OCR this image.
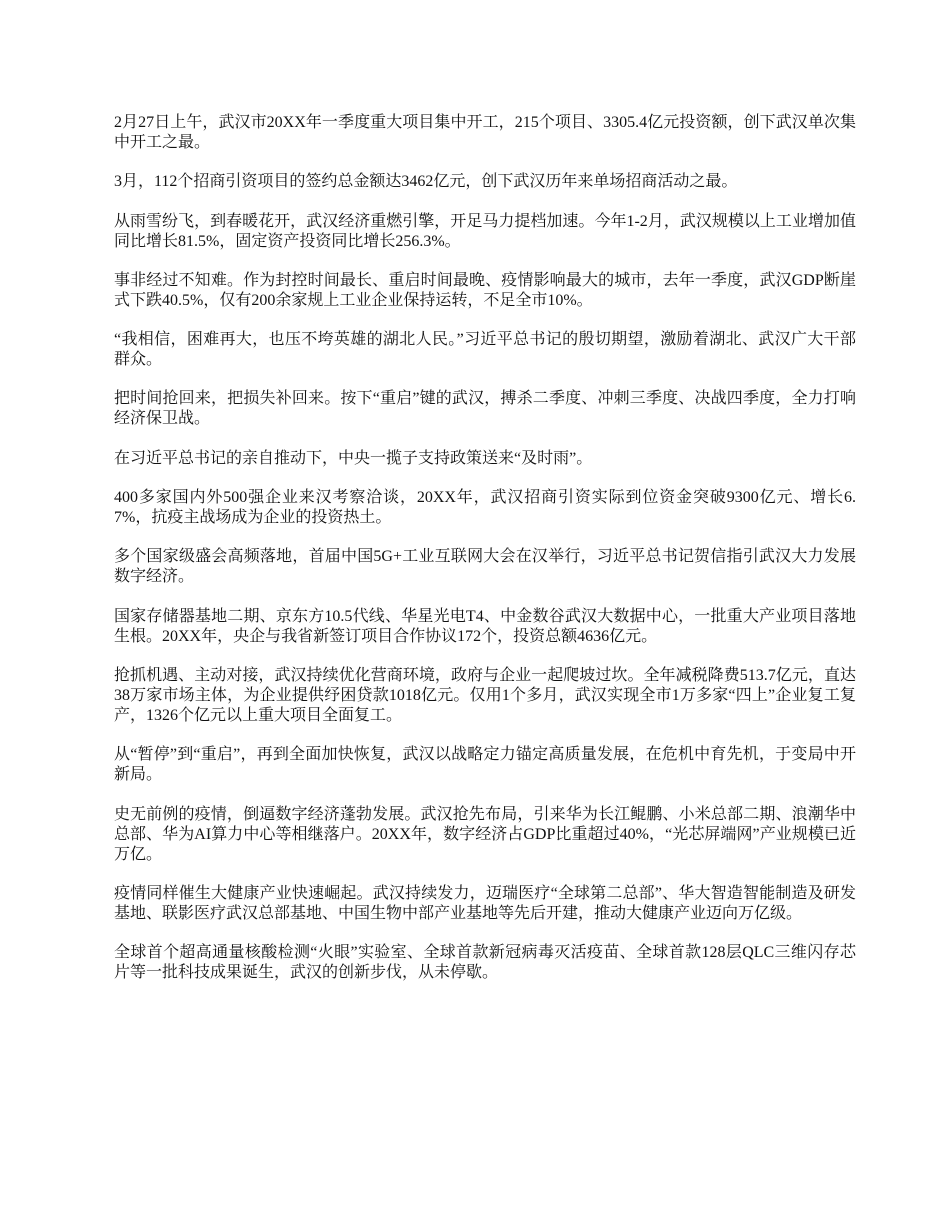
2月27日上午，武汉市20XX年一季度重大项目集中开工，215个项目、3305.4亿元投资额，创下武汉单次集中开工之最。

3月，112个招商引资项目的签约总金额达3462亿元，创下武汉历年来单场招商活动之最。

从雨雪纷飞，到春暖花开，武汉经济重燃引擎，开足马力提档加速。今年1-2月，武汉规模以上工业增加值同比增长81.5%，固定资产投资同比增长256.3%。

事非经过不知难。作为封控时间最长、重启时间最晚、疫情影响最大的城市，去年一季度，武汉GDP断崖式下跌40.5%，仅有200余家规上工业企业保持运转，不足全市10%。

“我相信，困难再大，也压不垮英雄的湖北人民。”习近平总书记的殷切期望，激励着湖北、武汉广大干部群众。

把时间抢回来，把损失补回来。按下“重启”键的武汉，搏杀二季度、冲刺三季度、决战四季度，全力打响经济保卫战。

在习近平总书记的亲自推动下，中央一揽子支持政策送来“及时雨”。

400多家国内外500强企业来汉考察洽谈，20XX年，武汉招商引资实际到位资金突破9300亿元、增长6.7%，抗疫主战场成为企业的投资热土。

多个国家级盛会高频落地，首届中国5G+工业互联网大会在汉举行，习近平总书记贺信指引武汉大力发展数字经济。

国家存储器基地二期、京东方10.5代线、华星光电T4、中金数谷武汉大数据中心，一批重大产业项目落地生根。20XX年，央企与我省新签订项目合作协议172个，投资总额4636亿元。

抢抓机遇、主动对接，武汉持续优化营商环境，政府与企业一起爬坡过坎。全年减税降费513.7亿元，直达38万家市场主体，为企业提供纾困贷款1018亿元。仅用1个多月，武汉实现全市1万多家“四上”企业复工复产，1326个亿元以上重大项目全面复工。

从“暂停”到“重启”，再到全面加快恢复，武汉以战略定力锚定高质量发展，在危机中育先机，于变局中开新局。

史无前例的疫情，倒逼数字经济蓬勃发展。武汉抢先布局，引来华为长江鲲鹏、小米总部二期、浪潮华中总部、华为AI算力中心等相继落户。20XX年，数字经济占GDP比重超过40%，“光芯屏端网”产业规模已近万亿。

疫情同样催生大健康产业快速崛起。武汉持续发力，迈瑞医疗“全球第二总部”、华大智造智能制造及研发基地、联影医疗武汉总部基地、中国生物中部产业基地等先后开建，推动大健康产业迈向万亿级。

全球首个超高通量核酸检测“火眼”实验室、全球首款新冠病毒灭活疫苗、全球首款128层QLC三维闪存芯片等一批科技成果诞生，武汉的创新步伐，从未停歇。
